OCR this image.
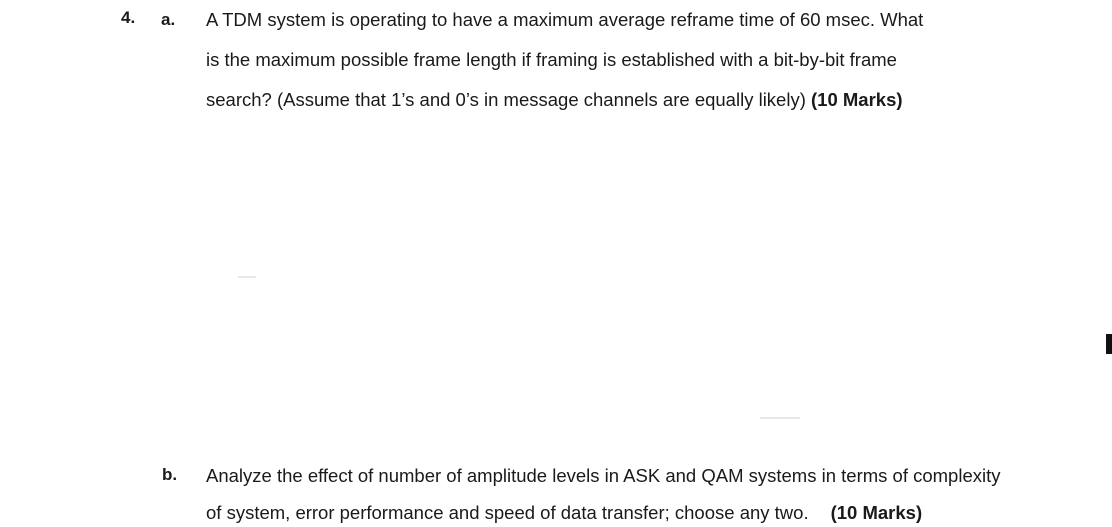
4. a. A TDM system is operating to have a maximum average reframe time of 60 msec. What
is the maximum possible frame length if framing is established with a bit-by-bit frame
search? (Assume that 1’s and 0’s in message channels are equally likely) (10 Marks)
b. Analyze the effect of number of amplitude levels in ASK and QAM systems in terms of complexity
of system, error performance and speed of data transfer; choose any two. (10 Marks)
